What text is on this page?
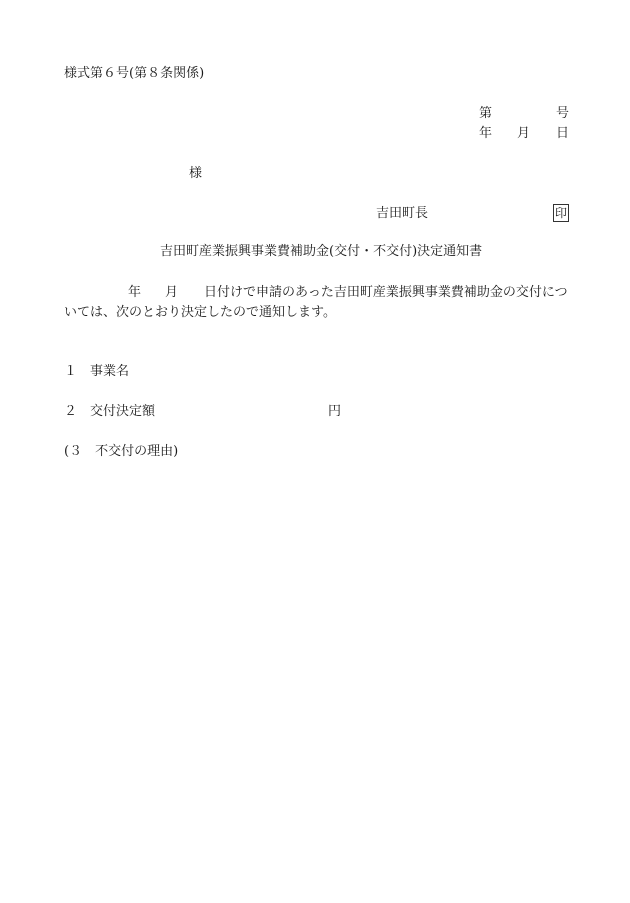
様式第６号(第８条関係)
第	号
年 月 日
様
吉田町長	印
吉田町産業振興事業費補助金(交付・不交付)決定通知書
年 月 日付けで申請のあった吉田町産業振興事業費補助金の交付につ
いては、次のとおり決定したので通知します。
１　事業名
２　交付決定額	円
(３　不交付の理由)
